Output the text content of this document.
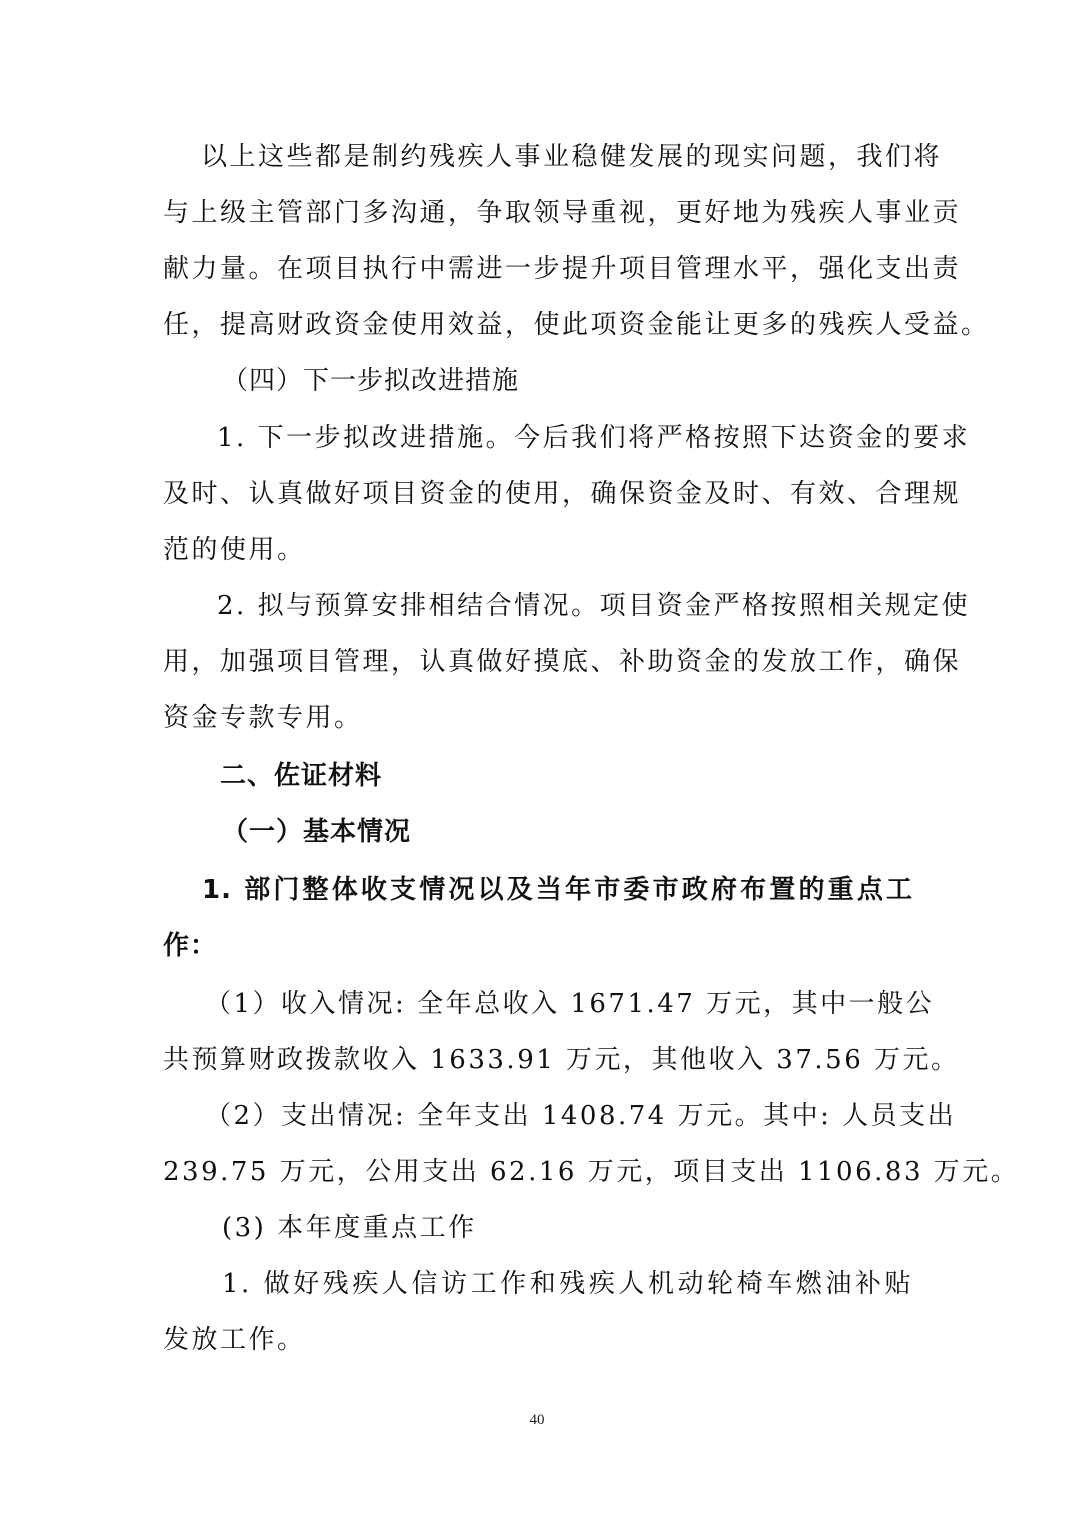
以上这些都是制约残疾人事业稳健发展的现实问题，我们将
与上级主管部门多沟通，争取领导重视，更好地为残疾人事业贡
献力量。在项目执行中需进一步提升项目管理水平，强化支出责
任，提高财政资金使用效益，使此项资金能让更多的残疾人受益。
（四）下一步拟改进措施
1. 下一步拟改进措施。今后我们将严格按照下达资金的要求
及时、认真做好项目资金的使用，确保资金及时、有效、合理规
范的使用。
2. 拟与预算安排相结合情况。项目资金严格按照相关规定使
用，加强项目管理，认真做好摸底、补助资金的发放工作，确保
资金专款专用。
二、佐证材料
（一）基本情况
1. 部门整体收支情况以及当年市委市政府布置的重点工
作：
（1）收入情况: 全年总收入 1671.47 万元，其中一般公
共预算财政拨款收入 1633.91 万元，其他收入 37.56 万元。
（2）支出情况: 全年支出 1408.74 万元。其中: 人员支出
239.75 万元，公用支出 62.16 万元，项目支出 1106.83 万元。
(3) 本年度重点工作
1. 做好残疾人信访工作和残疾人机动轮椅车燃油补贴
发放工作。
40
